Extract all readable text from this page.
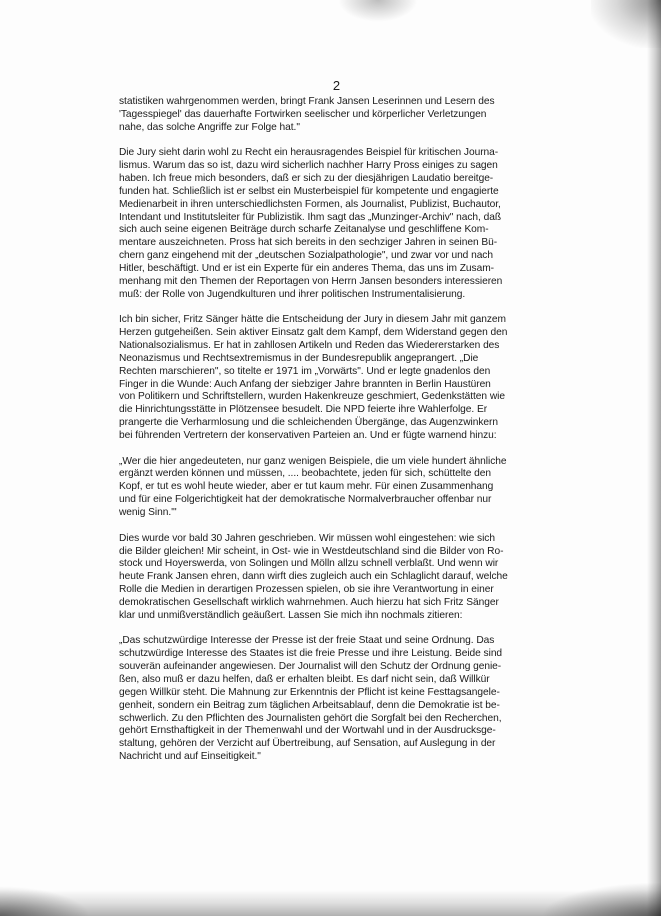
2
statistiken wahrgenommen werden, bringt Frank Jansen Leserinnen und Lesern des
'Tagesspiegel' das dauerhafte Fortwirken seelischer und körperlicher Verletzungen
nahe, das solche Angriffe zur Folge hat."
Die Jury sieht darin wohl zu Recht ein herausragendes Beispiel für kritischen Journa-
lismus. Warum das so ist, dazu wird sicherlich nachher Harry Pross einiges zu sagen
haben. Ich freue mich besonders, daß er sich zu der diesjährigen Laudatio bereitge-
funden hat. Schließlich ist er selbst ein Musterbeispiel für kompetente und engagierte
Medienarbeit in ihren unterschiedlichsten Formen, als Journalist, Publizist, Buchautor,
Intendant und Institutsleiter für Publizistik. Ihm sagt das „Munzinger-Archiv" nach, daß
sich auch seine eigenen Beiträge durch scharfe Zeitanalyse und geschliffene Kom-
mentare auszeichneten. Pross hat sich bereits in den sechziger Jahren in seinen Bü-
chern ganz eingehend mit der „deutschen Sozialpathologie", und zwar vor und nach
Hitler, beschäftigt. Und er ist ein Experte für ein anderes Thema, das uns im Zusam-
menhang mit den Themen der Reportagen von Herrn Jansen besonders interessieren
muß: der Rolle von Jugendkulturen und ihrer politischen Instrumentalisierung.
Ich bin sicher, Fritz Sänger hätte die Entscheidung der Jury in diesem Jahr mit ganzem
Herzen gutgeheißen. Sein aktiver Einsatz galt dem Kampf, dem Widerstand gegen den
Nationalsozialismus. Er hat in zahllosen Artikeln und Reden das Wiedererstarken des
Neonazismus und Rechtsextremismus in der Bundesrepublik angeprangert. „Die
Rechten marschieren", so titelte er 1971 im „Vorwärts". Und er legte gnadenlos den
Finger in die Wunde: Auch Anfang der siebziger Jahre brannten in Berlin Haustüren
von Politikern und Schriftstellern, wurden Hakenkreuze geschmiert, Gedenkstätten wie
die Hinrichtungsstätte in Plötzensee besudelt. Die NPD feierte ihre Wahlerfolge. Er
prangerte die Verharmlosung und die schleichenden Übergänge, das Augenzwinkern
bei führenden Vertretern der konservativen Parteien an. Und er fügte warnend hinzu:
„Wer die hier angedeuteten, nur ganz wenigen Beispiele, die um viele hundert ähnliche
ergänzt werden können und müssen, .... beobachtete, jeden für sich, schüttelte den
Kopf, er tut es wohl heute wieder, aber er tut kaum mehr. Für einen Zusammenhang
und für eine Folgerichtigkeit hat der demokratische Normalverbraucher offenbar nur
wenig Sinn.'"
Dies wurde vor bald 30 Jahren geschrieben. Wir müssen wohl eingestehen: wie sich
die Bilder gleichen! Mir scheint, in Ost- wie in Westdeutschland sind die Bilder von Ro-
stock und Hoyerswerda, von Solingen und Mölln allzu schnell verblaßt. Und wenn wir
heute Frank Jansen ehren, dann wirft dies zugleich auch ein Schlaglicht darauf, welche
Rolle die Medien in derartigen Prozessen spielen, ob sie ihre Verantwortung in einer
demokratischen Gesellschaft wirklich wahrnehmen. Auch hierzu hat sich Fritz Sänger
klar und unmißverständlich geäußert. Lassen Sie mich ihn nochmals zitieren:
„Das schutzwürdige Interesse der Presse ist der freie Staat und seine Ordnung. Das
schutzwürdige Interesse des Staates ist die freie Presse und ihre Leistung. Beide sind
souverän aufeinander angewiesen. Der Journalist will den Schutz der Ordnung genie-
ßen, also muß er dazu helfen, daß er erhalten bleibt. Es darf nicht sein, daß Willkür
gegen Willkür steht. Die Mahnung zur Erkenntnis der Pflicht ist keine Festtagsangele-
genheit, sondern ein Beitrag zum täglichen Arbeitsablauf, denn die Demokratie ist be-
schwerlich. Zu den Pflichten des Journalisten gehört die Sorgfalt bei den Recherchen,
gehört Ernsthaftigkeit in der Themenwahl und der Wortwahl und in der Ausdrucksge-
staltung, gehören der Verzicht auf Übertreibung, auf Sensation, auf Auslegung in der
Nachricht und auf Einseitigkeit."
